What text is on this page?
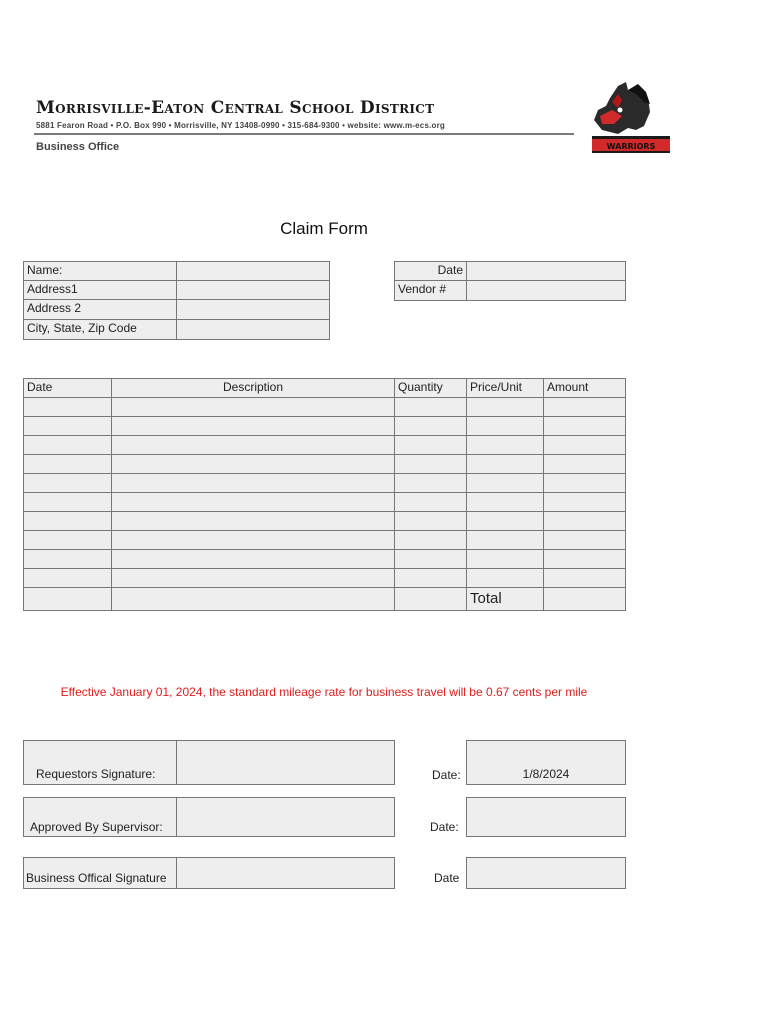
Morrisville-Eaton Central School District
5881 Fearon Road • P.O. Box 990 • Morrisville, NY 13408-0990 • 315-684-9300 • website: www.m-ecs.org
Business Office	WARRIORS
Claim Form
Name:
Address1
Address 2
City, State, Zip Code
Date
Vendor #
Date	Description	Quantity	Price/Unit	Amount
Total
Effective January 01, 2024, the standard mileage rate for business travel will be 0.67 cents per mile
Requestors Signature:	Date:	1/8/2024
Approved By Supervisor:	Date:
Business Offical Signature	Date
